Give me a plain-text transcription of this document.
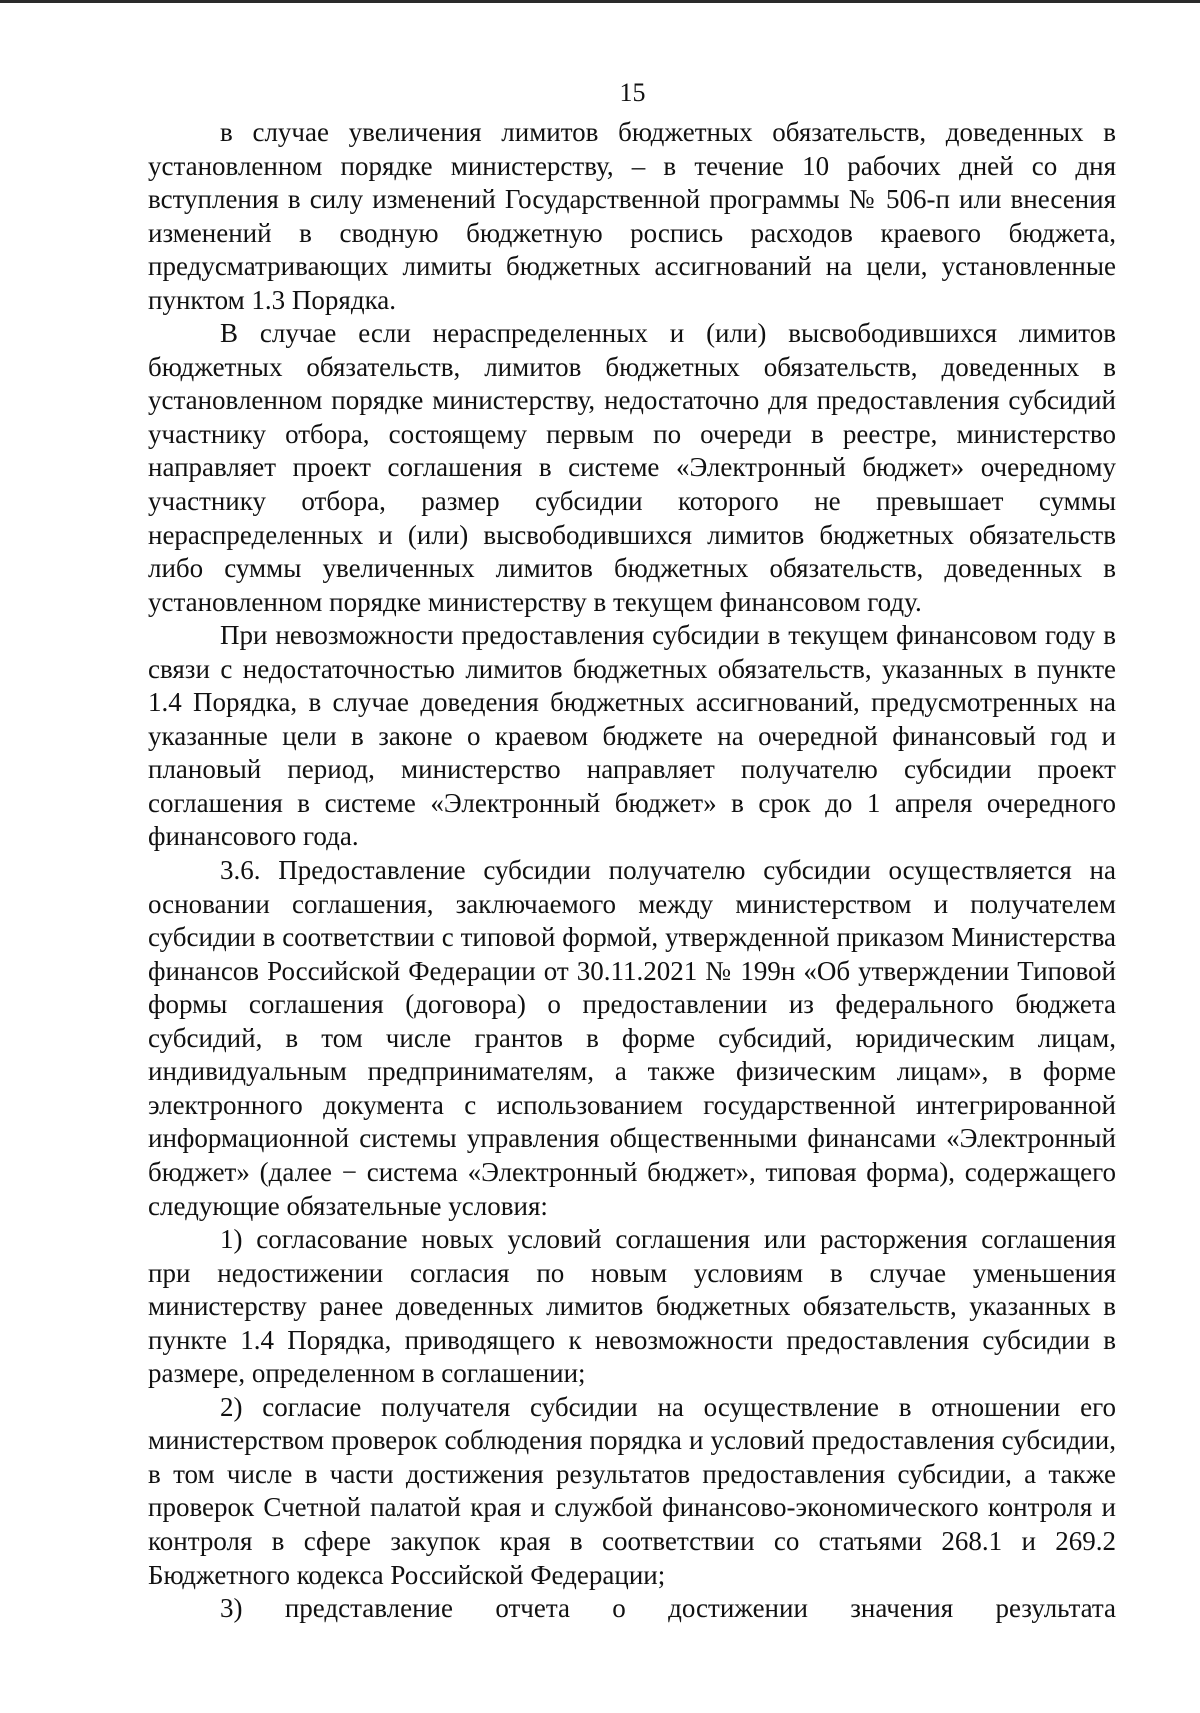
15

в случае увеличения лимитов бюджетных обязательств, доведенных в установленном порядке министерству, – в течение 10 рабочих дней со дня вступления в силу изменений Государственной программы № 506-п или внесения изменений в сводную бюджетную роспись расходов краевого бюджета, предусматривающих лимиты бюджетных ассигнований на цели, установленные пунктом 1.3 Порядка.

В случае если нераспределенных и (или) высвободившихся лимитов бюджетных обязательств, лимитов бюджетных обязательств, доведенных в установленном порядке министерству, недостаточно для предоставления субсидий участнику отбора, состоящему первым по очереди в реестре, министерство направляет проект соглашения в системе «Электронный бюджет» очередному участнику отбора, размер субсидии которого не превышает суммы нераспределенных и (или) высвободившихся лимитов бюджетных обязательств либо суммы увеличенных лимитов бюджетных обязательств, доведенных в установленном порядке министерству в текущем финансовом году.

При невозможности предоставления субсидии в текущем финансовом году в связи с недостаточностью лимитов бюджетных обязательств, указанных в пункте 1.4 Порядка, в случае доведения бюджетных ассигнований, предусмотренных на указанные цели в законе о краевом бюджете на очередной финансовый год и плановый период, министерство направляет получателю субсидии проект соглашения в системе «Электронный бюджет» в срок до 1 апреля очередного финансового года.

3.6. Предоставление субсидии получателю субсидии осуществляется на основании соглашения, заключаемого между министерством и получателем субсидии в соответствии с типовой формой, утвержденной приказом Министерства финансов Российской Федерации от 30.11.2021 № 199н «Об утверждении Типовой формы соглашения (договора) о предоставлении из федерального бюджета субсидий, в том числе грантов в форме субсидий, юридическим лицам, индивидуальным предпринимателям, а также физическим лицам», в форме электронного документа с использованием государственной интегрированной информационной системы управления общественными финансами «Электронный бюджет» (далее − система «Электронный бюджет», типовая форма), содержащего следующие обязательные условия:

1) согласование новых условий соглашения или расторжения соглашения при недостижении согласия по новым условиям в случае уменьшения министерству ранее доведенных лимитов бюджетных обязательств, указанных в пункте 1.4 Порядка, приводящего к невозможности предоставления субсидии в размере, определенном в соглашении;

2) согласие получателя субсидии на осуществление в отношении его министерством проверок соблюдения порядка и условий предоставления субсидии, в том числе в части достижения результатов предоставления субсидии, а также проверок Счетной палатой края и службой финансово-экономического контроля и контроля в сфере закупок края в соответствии со статьями 268.1 и 269.2 Бюджетного кодекса Российской Федерации;

3) представление отчета о достижении значения результата
